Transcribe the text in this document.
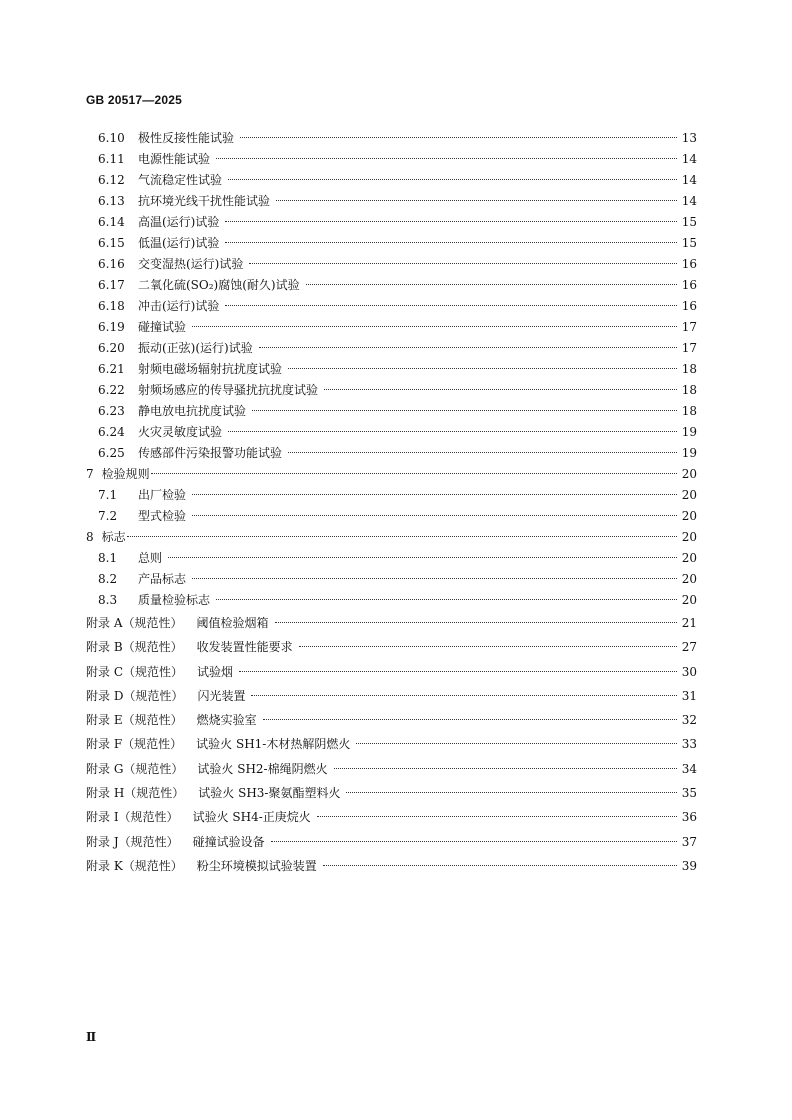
GB 20517—2025
6.10	极性反接性能试验	13
6.11	电源性能试验	14
6.12	气流稳定性试验	14
6.13	抗环境光线干扰性能试验	14
6.14	高温(运行)试验	15
6.15	低温(运行)试验	15
6.16	交变湿热(运行)试验	16
6.17	二氧化硫(SO₂)腐蚀(耐久)试验	16
6.18	冲击(运行)试验	16
6.19	碰撞试验	17
6.20	振动(正弦)(运行)试验	17
6.21	射频电磁场辐射抗扰度试验	18
6.22	射频场感应的传导骚扰抗扰度试验	18
6.23	静电放电抗扰度试验	18
6.24	火灾灵敏度试验	19
6.25	传感部件污染报警功能试验	19
7 检验规则	20
7.1	出厂检验	20
7.2	型式检验	20
8 标志	20
8.1	总则	20
8.2	产品标志	20
8.3	质量检验标志	20
附录 A（规范性） 阈值检验烟箱	21
附录 B（规范性） 收发装置性能要求	27
附录 C（规范性） 试验烟	30
附录 D（规范性） 闪光装置	31
附录 E（规范性） 燃烧实验室	32
附录 F（规范性） 试验火 SH1-木材热解阴燃火	33
附录 G（规范性） 试验火 SH2-棉绳阴燃火	34
附录 H（规范性） 试验火 SH3-聚氨酯塑料火	35
附录 I（规范性） 试验火 SH4-正庚烷火	36
附录 J（规范性） 碰撞试验设备	37
附录 K（规范性） 粉尘环境模拟试验装置	39
Ⅱ
